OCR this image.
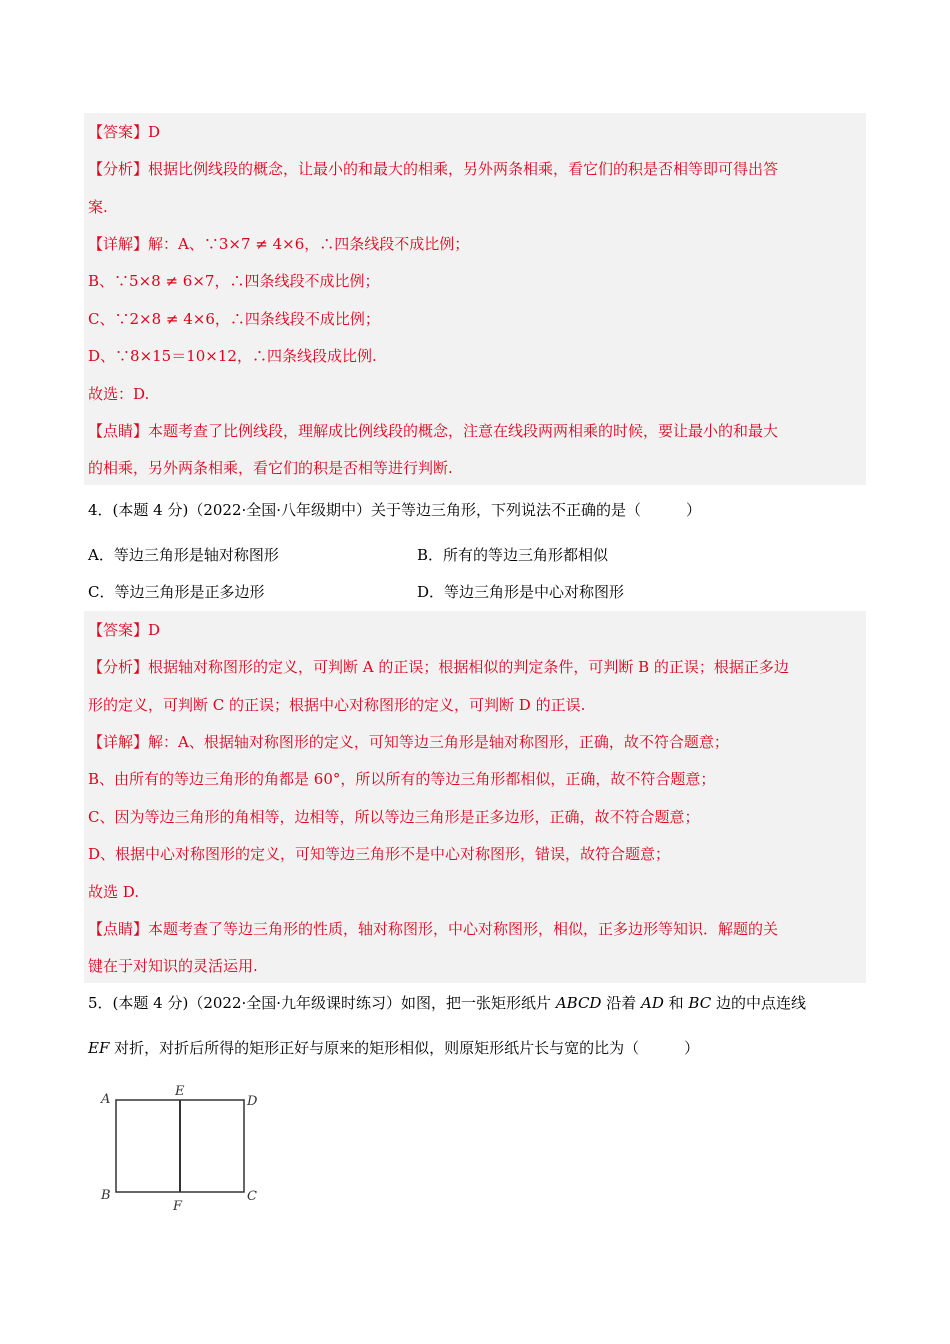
【答案】D
【分析】根据比例线段的概念，让最小的和最大的相乘，另外两条相乘，看它们的积是否相等即可得出答
案.
【详解】解：A、∵3×7 ≠ 4×6，∴四条线段不成比例；
B、∵5×8 ≠ 6×7，∴四条线段不成比例；
C、∵2×8 ≠ 4×6，∴四条线段不成比例；
D、∵8×15＝10×12，∴四条线段成比例.
故选：D.
【点睛】本题考查了比例线段，理解成比例线段的概念，注意在线段两两相乘的时候，要让最小的和最大
的相乘，另外两条相乘，看它们的积是否相等进行判断.
4．(本题 4 分)（2022·全国·八年级期中）关于等边三角形，下列说法不正确的是（　　　）
A．等边三角形是轴对称图形	B．所有的等边三角形都相似
C．等边三角形是正多边形	D．等边三角形是中心对称图形
【答案】D
【分析】根据轴对称图形的定义，可判断 A 的正误；根据相似的判定条件，可判断 B 的正误；根据正多边
形的定义，可判断 C 的正误；根据中心对称图形的定义，可判断 D 的正误.
【详解】解：A、根据轴对称图形的定义，可知等边三角形是轴对称图形，正确，故不符合题意；
B、由所有的等边三角形的角都是 60°，所以所有的等边三角形都相似，正确，故不符合题意；
C、因为等边三角形的角相等，边相等，所以等边三角形是正多边形，正确，故不符合题意；
D、根据中心对称图形的定义，可知等边三角形不是中心对称图形，错误，故符合题意；
故选 D.
【点睛】本题考查了等边三角形的性质，轴对称图形，中心对称图形，相似，正多边形等知识．解题的关
键在于对知识的灵活运用.
5．(本题 4 分)（2022·全国·九年级课时练习）如图，把一张矩形纸片 ABCD 沿着 AD 和 BC 边的中点连线
EF 对折，对折后所得的矩形正好与原来的矩形相似，则原矩形纸片长与宽的比为（　　　）
A
E
D
B
F
C
